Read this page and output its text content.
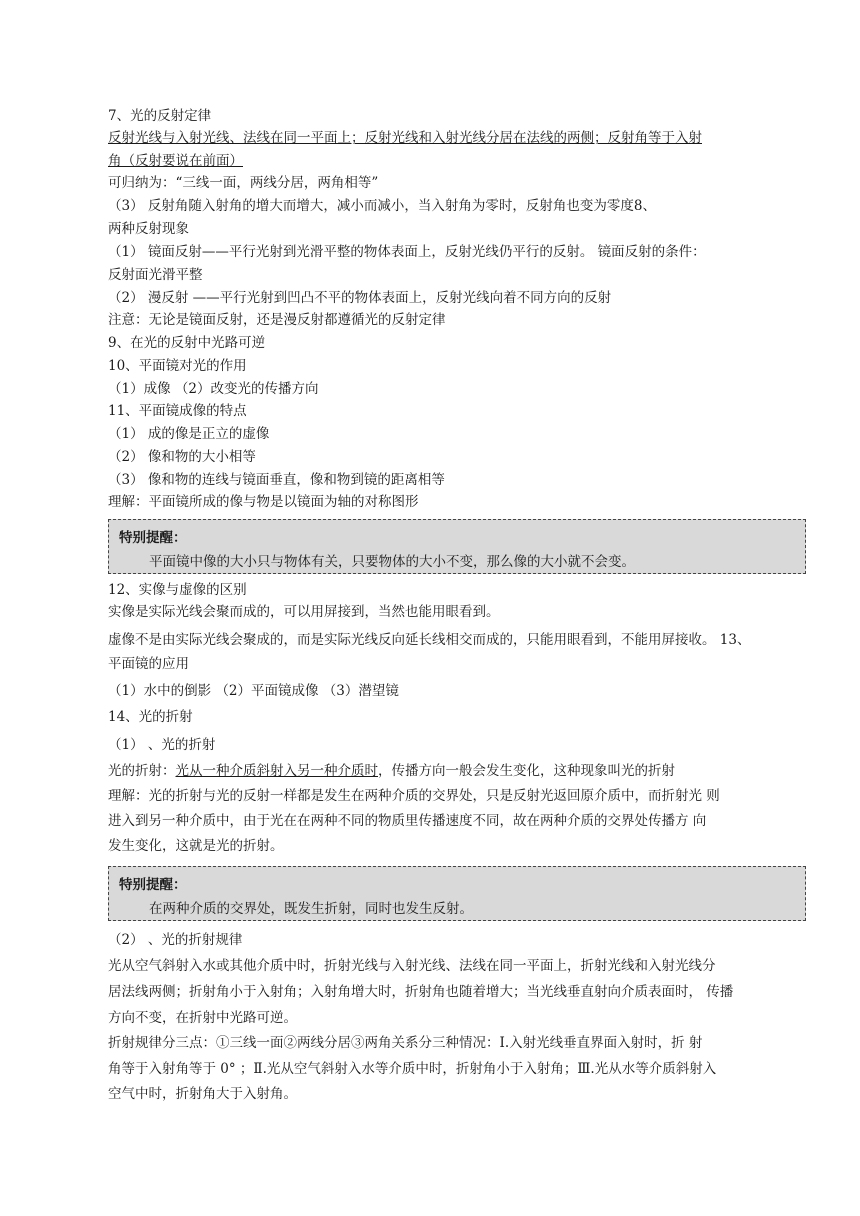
7、光的反射定律
反射光线与入射光线、法线在同一平面上；反射光线和入射光线分居在法线的两侧；反射角等于入射
角（反射要说在前面）
可归纳为：“三线一面，两线分居，两角相等”
（3） 反射角随入射角的增大而增大，减小而减小，当入射角为零时，反射角也变为零度8、
两种反射现象
（1） 镜面反射——平行光射到光滑平整的物体表面上，反射光线仍平行的反射。 镜面反射的条件：
反射面光滑平整
（2） 漫反射 ——平行光射到凹凸不平的物体表面上，反射光线向着不同方向的反射
注意：无论是镜面反射，还是漫反射都遵循光的反射定律
9、在光的反射中光路可逆
10、平面镜对光的作用
（1）成像 （2）改变光的传播方向
11、平面镜成像的特点
（1） 成的像是正立的虚像
（2） 像和物的大小相等
（3） 像和物的连线与镜面垂直，像和物到镜的距离相等
理解：平面镜所成的像与物是以镜面为轴的对称图形
特别提醒：
平面镜中像的大小只与物体有关，只要物体的大小不变，那么像的大小就不会变。
12、实像与虚像的区别
实像是实际光线会聚而成的，可以用屏接到，当然也能用眼看到。
虚像不是由实际光线会聚成的，而是实际光线反向延长线相交而成的，只能用眼看到，不能用屏接收。 13、
平面镜的应用
（1）水中的倒影 （2）平面镜成像 （3）潜望镜
14、光的折射
（1） 、光的折射
光的折射：光从一种介质斜射入另一种介质时，传播方向一般会发生变化，这种现象叫光的折射
理解：光的折射与光的反射一样都是发生在两种介质的交界处，只是反射光返回原介质中，而折射光 则
进入到另一种介质中，由于光在在两种不同的物质里传播速度不同，故在两种介质的交界处传播方 向
发生变化，这就是光的折射。
特别提醒：
在两种介质的交界处，既发生折射，同时也发生反射。
（2） 、光的折射规律
光从空气斜射入水或其他介质中时，折射光线与入射光线、法线在同一平面上，折射光线和入射光线分
居法线两侧；折射角小于入射角；入射角增大时，折射角也随着增大；当光线垂直射向介质表面时， 传播
方向不变，在折射中光路可逆。
折射规律分三点：①三线一面②两线分居③两角关系分三种情况：Ⅰ.入射光线垂直界面入射时，折 射
角等于入射角等于 0° ；Ⅱ.光从空气斜射入水等介质中时，折射角小于入射角；Ⅲ.光从水等介质斜射入
空气中时，折射角大于入射角。
